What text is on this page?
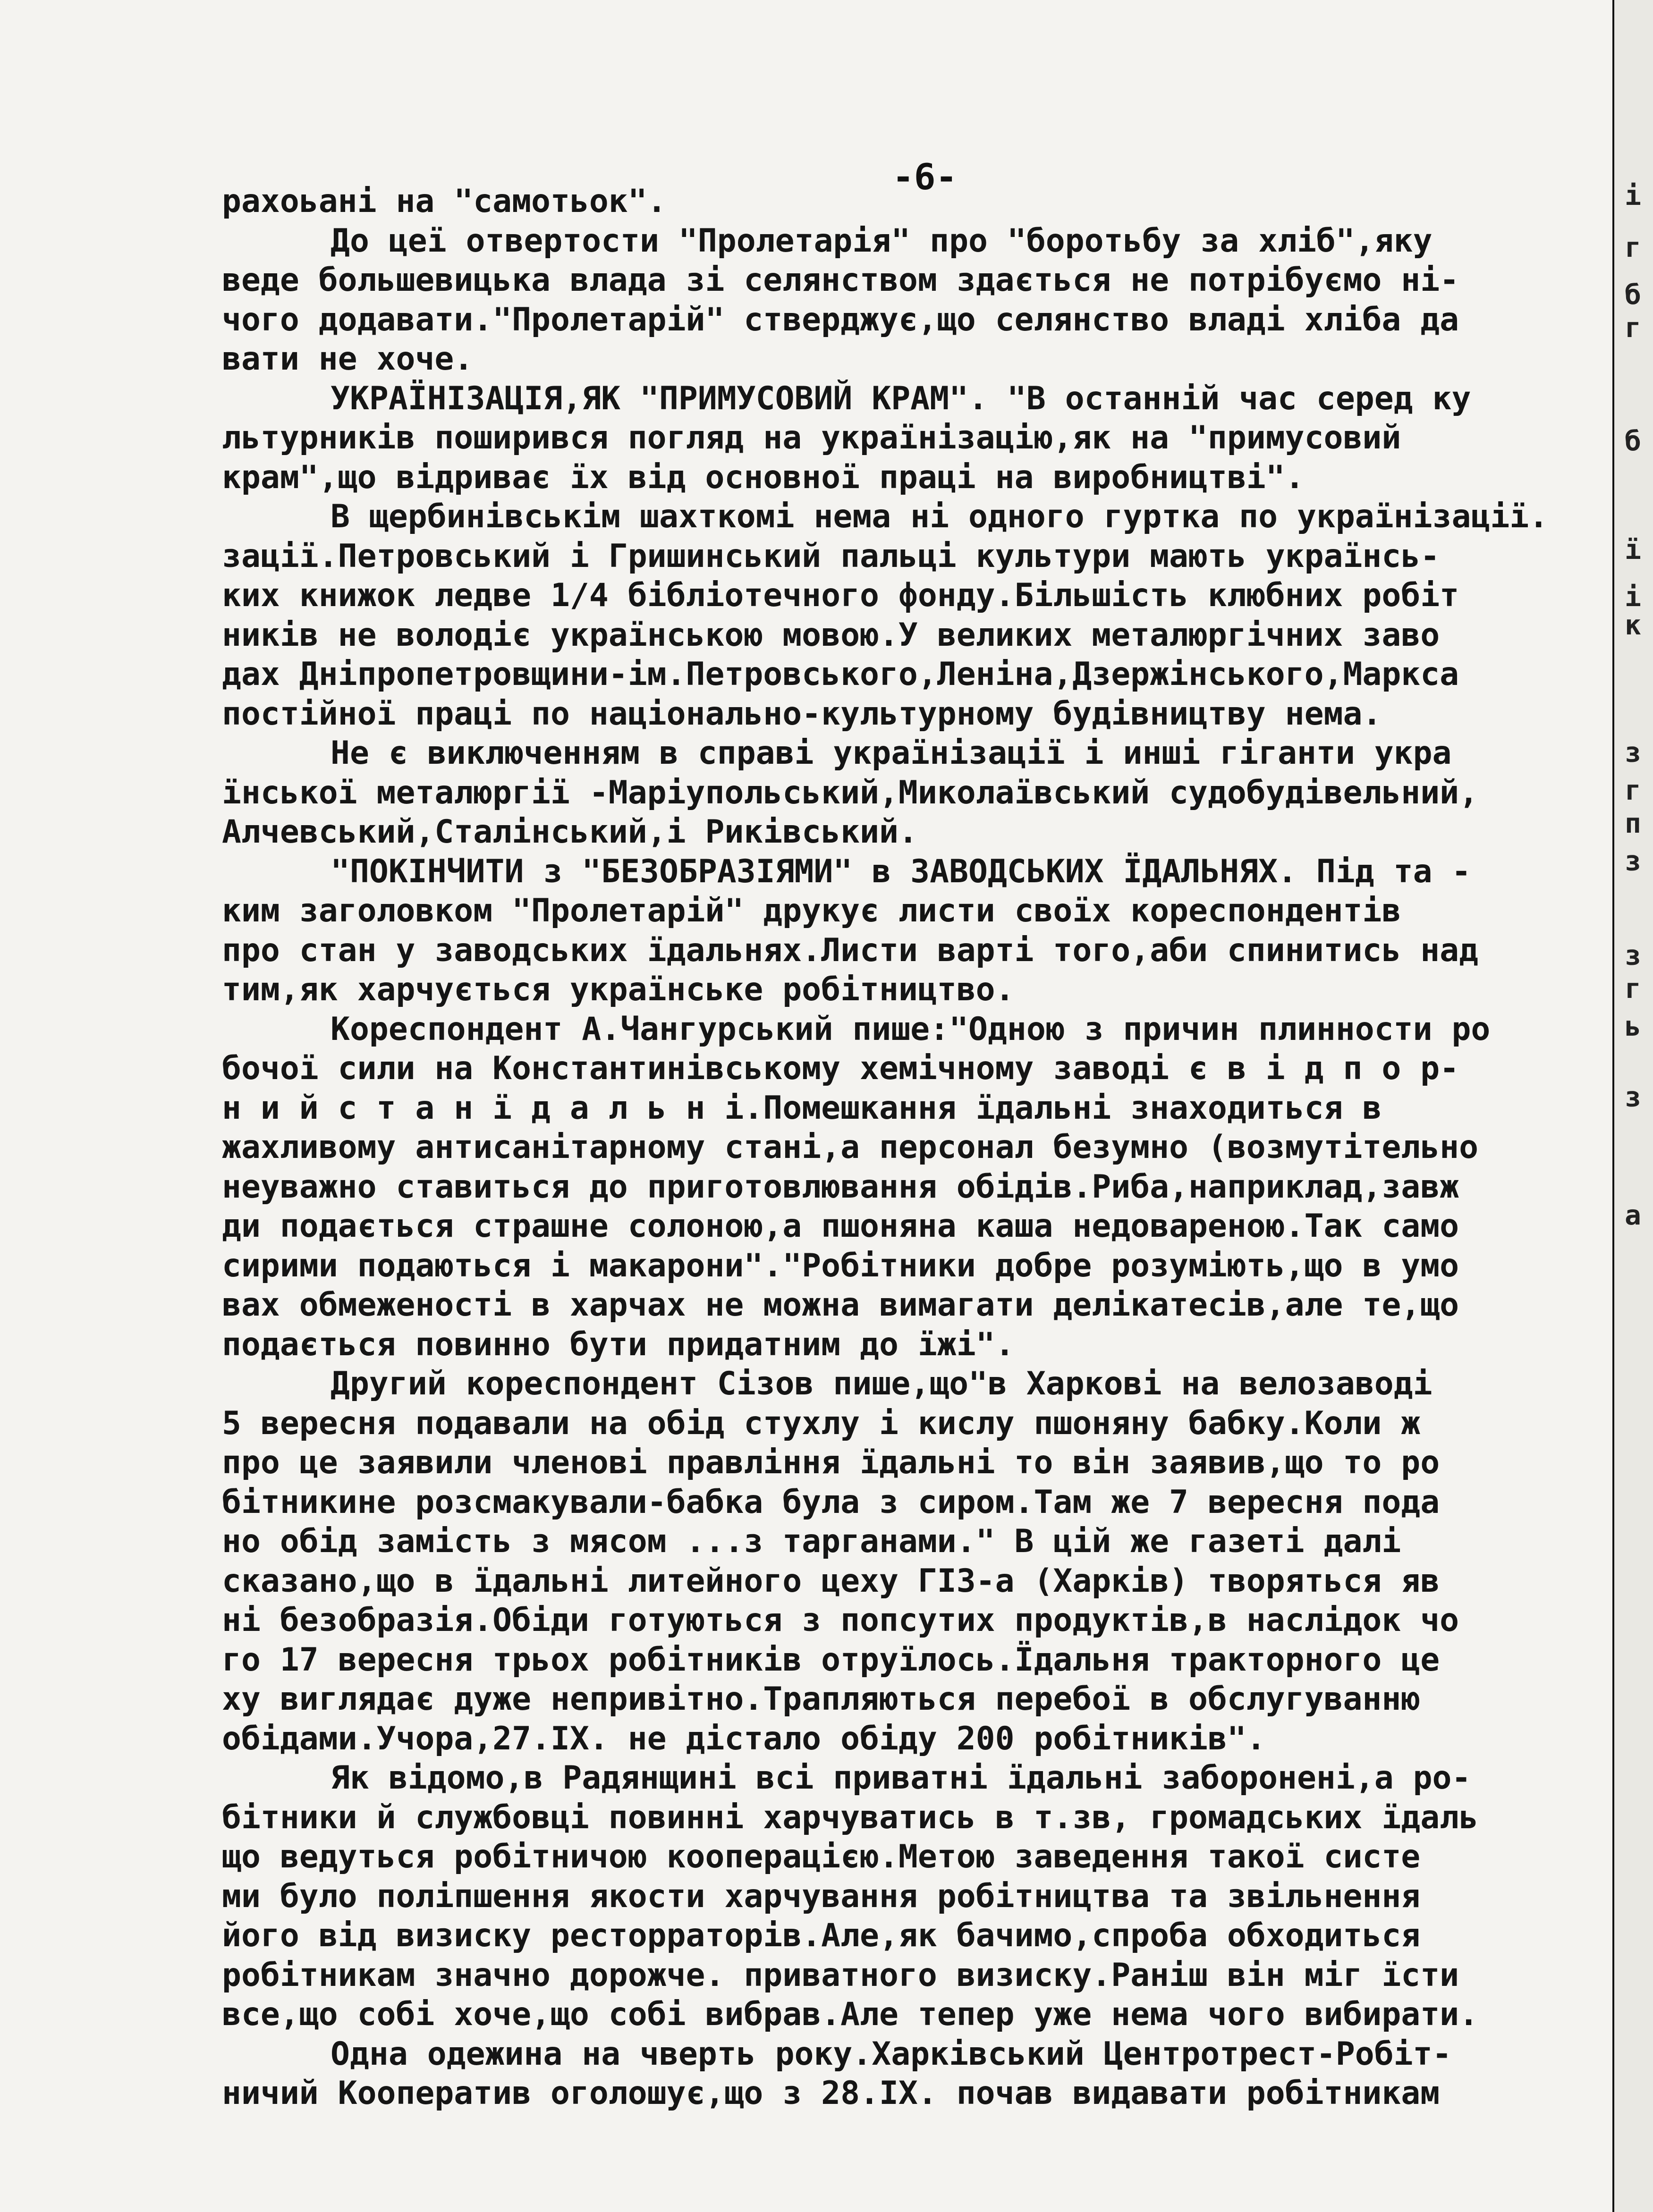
-6-
рахоьані на "самотьок".
До цеї отвертости "Пролетарія" про "боротьбу за хліб",яку
веде большевицька влада зі селянством здається не потрібуємо ні-
чого додавати."Пролетарій" стверджує,що селянство владі хліба да
вати не хоче.
УКРАЇНІЗАЦІЯ,ЯК "ПРИМУСОВИЙ КРАМ". "В останній час серед ку
льтурників поширився погляд на українізацію,як на "примусовий
крам",що відриває їх від основної праці на виробництві".
В щербинівськім шахткомі нема ні одного гуртка по українізації.
зації.Петровський і Гришинський пальці культури мають українсь-
ких книжок ледве 1/4 бібліотечного фонду.Більшість клюбних робіт
ників не володіє українською мовою.У великих металюргічних заво
дах Дніпропетровщини-ім.Петровського,Леніна,Дзержінського,Маркса
постійної праці по національно-культурному будівництву нема.
Не є виключенням в справі українізації і инші гіганти укра
їнської металюргії -Маріупольський,Миколаївський судобудівельний,
Алчевський,Сталінський,і Риківський.
"ПОКІНЧИТИ з "БЕЗОБРАЗІЯМИ" в ЗАВОДСЬКИХ ЇДАЛЬНЯХ. Під та -
ким заголовком "Пролетарій" друкує листи своїх кореспондентів
про стан у заводських їдальнях.Листи варті того,аби спинитись над
тим,як харчується українське робітництво.
Кореспондент А.Чангурський пише:"Одною з причин плинности ро
бочої сили на Константинівському хемічному заводі є в і д п о р-
н и й с т а н ї д а л ь н і.Помешкання їдальні знаходиться в
жахливому антисанітарному стані,а персонал безумно (возмутітельно
неуважно ставиться до приготовлювання обідів.Риба,наприклад,завж
ди подається страшне солоною,а пшоняна каша недовареною.Так само
сирими подаються і макарони"."Робітники добре розуміють,що в умо
вах обмеженості в харчах не можна вимагати делікатесів,але те,що
подається повинно бути придатним до їжі".
Другий кореспондент Сізов пише,що"в Харкові на велозаводі
5 вересня подавали на обід стухлу і кислу пшоняну бабку.Коли ж
про це заявили членові правління їдальні то він заявив,що то ро
бітникине розсмакували-бабка була з сиром.Там же 7 вересня пода
но обід замість з мясом ...з тарганами." В цій же газеті далі
сказано,що в їдальні литейного цеху ГІЗ-а (Харків) творяться яв
ні безобразія.Обіди готуються з попсутих продуктів,в наслідок чо
го 17 вересня трьох робітників отруїлось.Їдальня тракторного це
ху виглядає дуже непривітно.Трапляються перебої в обслугуванню
обідами.Учора,27.IX. не дістало обіду 200 робітників".
Як відомо,в Радянщині всі приватні їдальні заборонені,а ро-
бітники й службовці повинні харчуватись в т.зв, громадських їдаль
що ведуться робітничою кооперацією.Метою заведення такої систе
ми було поліпшення якости харчування робітництва та звільнення
його від визиску ресторраторів.Але,як бачимо,спроба обходиться
робітникам значно дорожче. приватного визиску.Раніш він міг їсти
все,що собі хоче,що собі вибрав.Але тепер уже нема чого вибирати.
Одна одежина на чверть року.Харківський Центротрест-Робіт-
ничий Кооператив оголошує,що з 28.IX. почав видавати робітникам
і
г
б
г
б
ї
і
к
з
г
п
з
з
г
ь
з
а
